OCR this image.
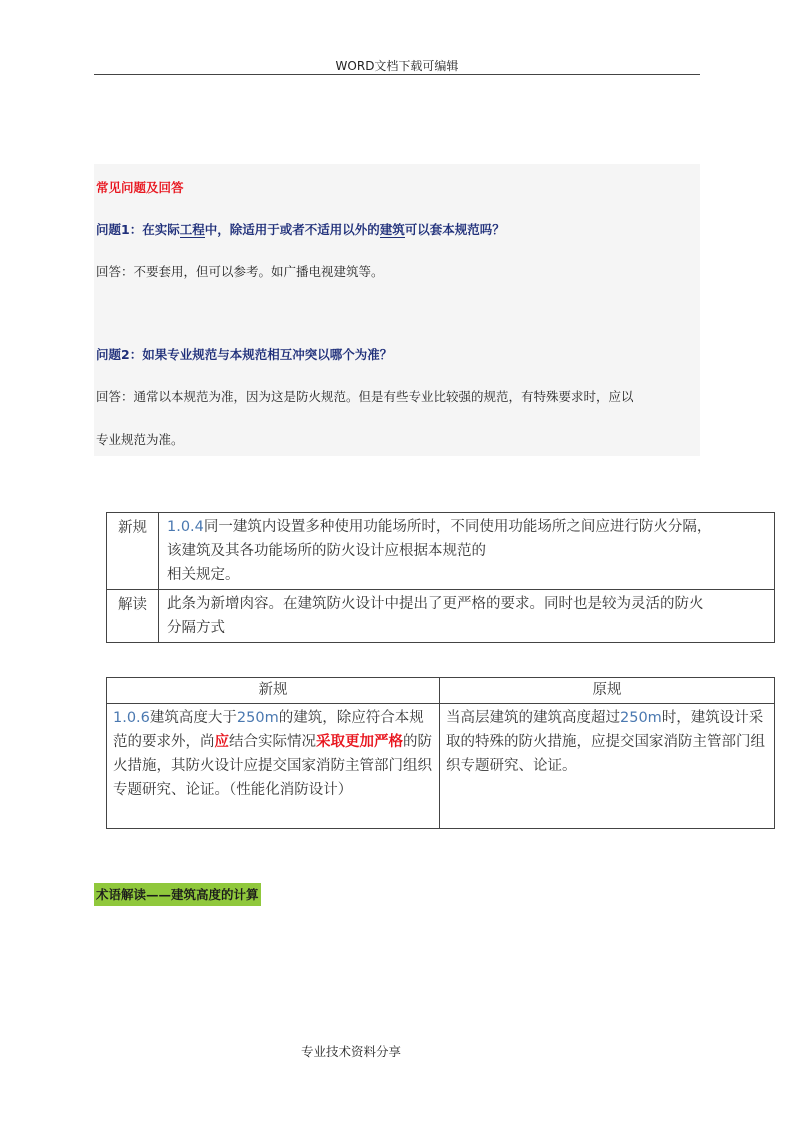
WORD文档下载可编辑
常见问题及回答
问题1：在实际工程中，除适用于或者不适用以外的建筑可以套本规范吗？
回答：不要套用，但可以参考。如广播电视建筑等。
问题2：如果专业规范与本规范相互冲突以哪个为准？
回答：通常以本规范为准，因为这是防火规范。但是有些专业比较强的规范，有特殊要求时，应以
专业规范为准。
新规	1.0.4同一建筑内设置多种使用功能场所时，不同使用功能场所之间应进行防火分隔，
该建筑及其各功能场所的防火设计应根据本规范的
相关规定。

解读	此条为新增肉容。在建筑防火设计中提出了更严格的要求。同时也是较为灵活的防火
分隔方式
新规	原规
1.0.6建筑高度大于250m的建筑，除应符合本规范的要求外，尚应结合实际情况采取更加严格的防火措施，其防火设计应提交国家消防主管部门组织专题研究、论证。（性能化消防设计）	当高层建筑的建筑高度超过250m时，建筑设计采取的特殊的防火措施，应提交国家消防主管部门组织专题研究、论证。
术语解读——建筑高度的计算
专业技术资料分享
